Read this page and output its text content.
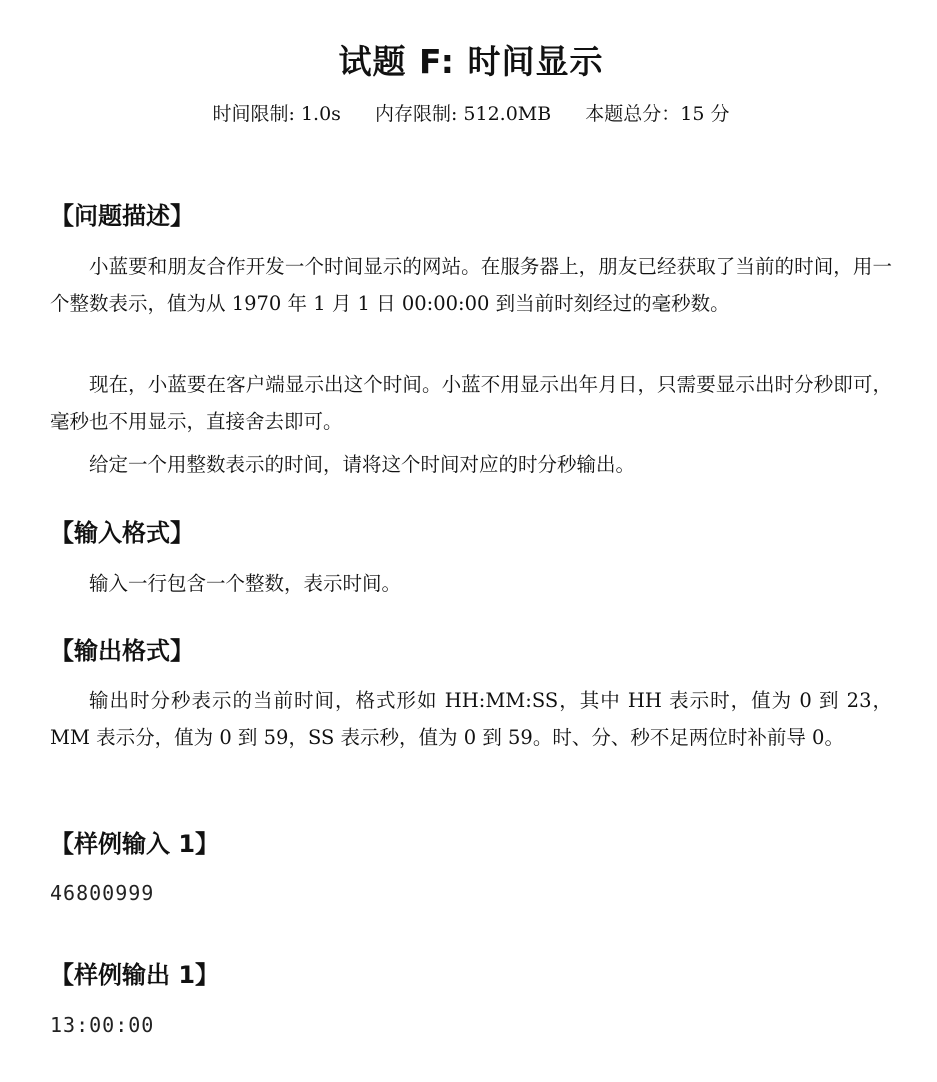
试题 F: 时间显示
时间限制: 1.0s 内存限制: 512.0MB 本题总分：15 分
【问题描述】

小蓝要和朋友合作开发一个时间显示的网站。在服务器上，朋友已经获取了当前的时间，用一个整数表示，值为从 1970 年 1 月 1 日 00:00:00 到当前时刻经过的毫秒数。

现在，小蓝要在客户端显示出这个时间。小蓝不用显示出年月日，只需要显示出时分秒即可，毫秒也不用显示，直接舍去即可。

给定一个用整数表示的时间，请将这个时间对应的时分秒输出。

【输入格式】

输入一行包含一个整数，表示时间。

【输出格式】

输出时分秒表示的当前时间，格式形如 HH:MM:SS，其中 HH 表示时，值为 0 到 23，MM 表示分，值为 0 到 59，SS 表示秒，值为 0 到 59。时、分、秒不足两位时补前导 0。

【样例输入 1】
46800999
【样例输出 1】
13:00:00
